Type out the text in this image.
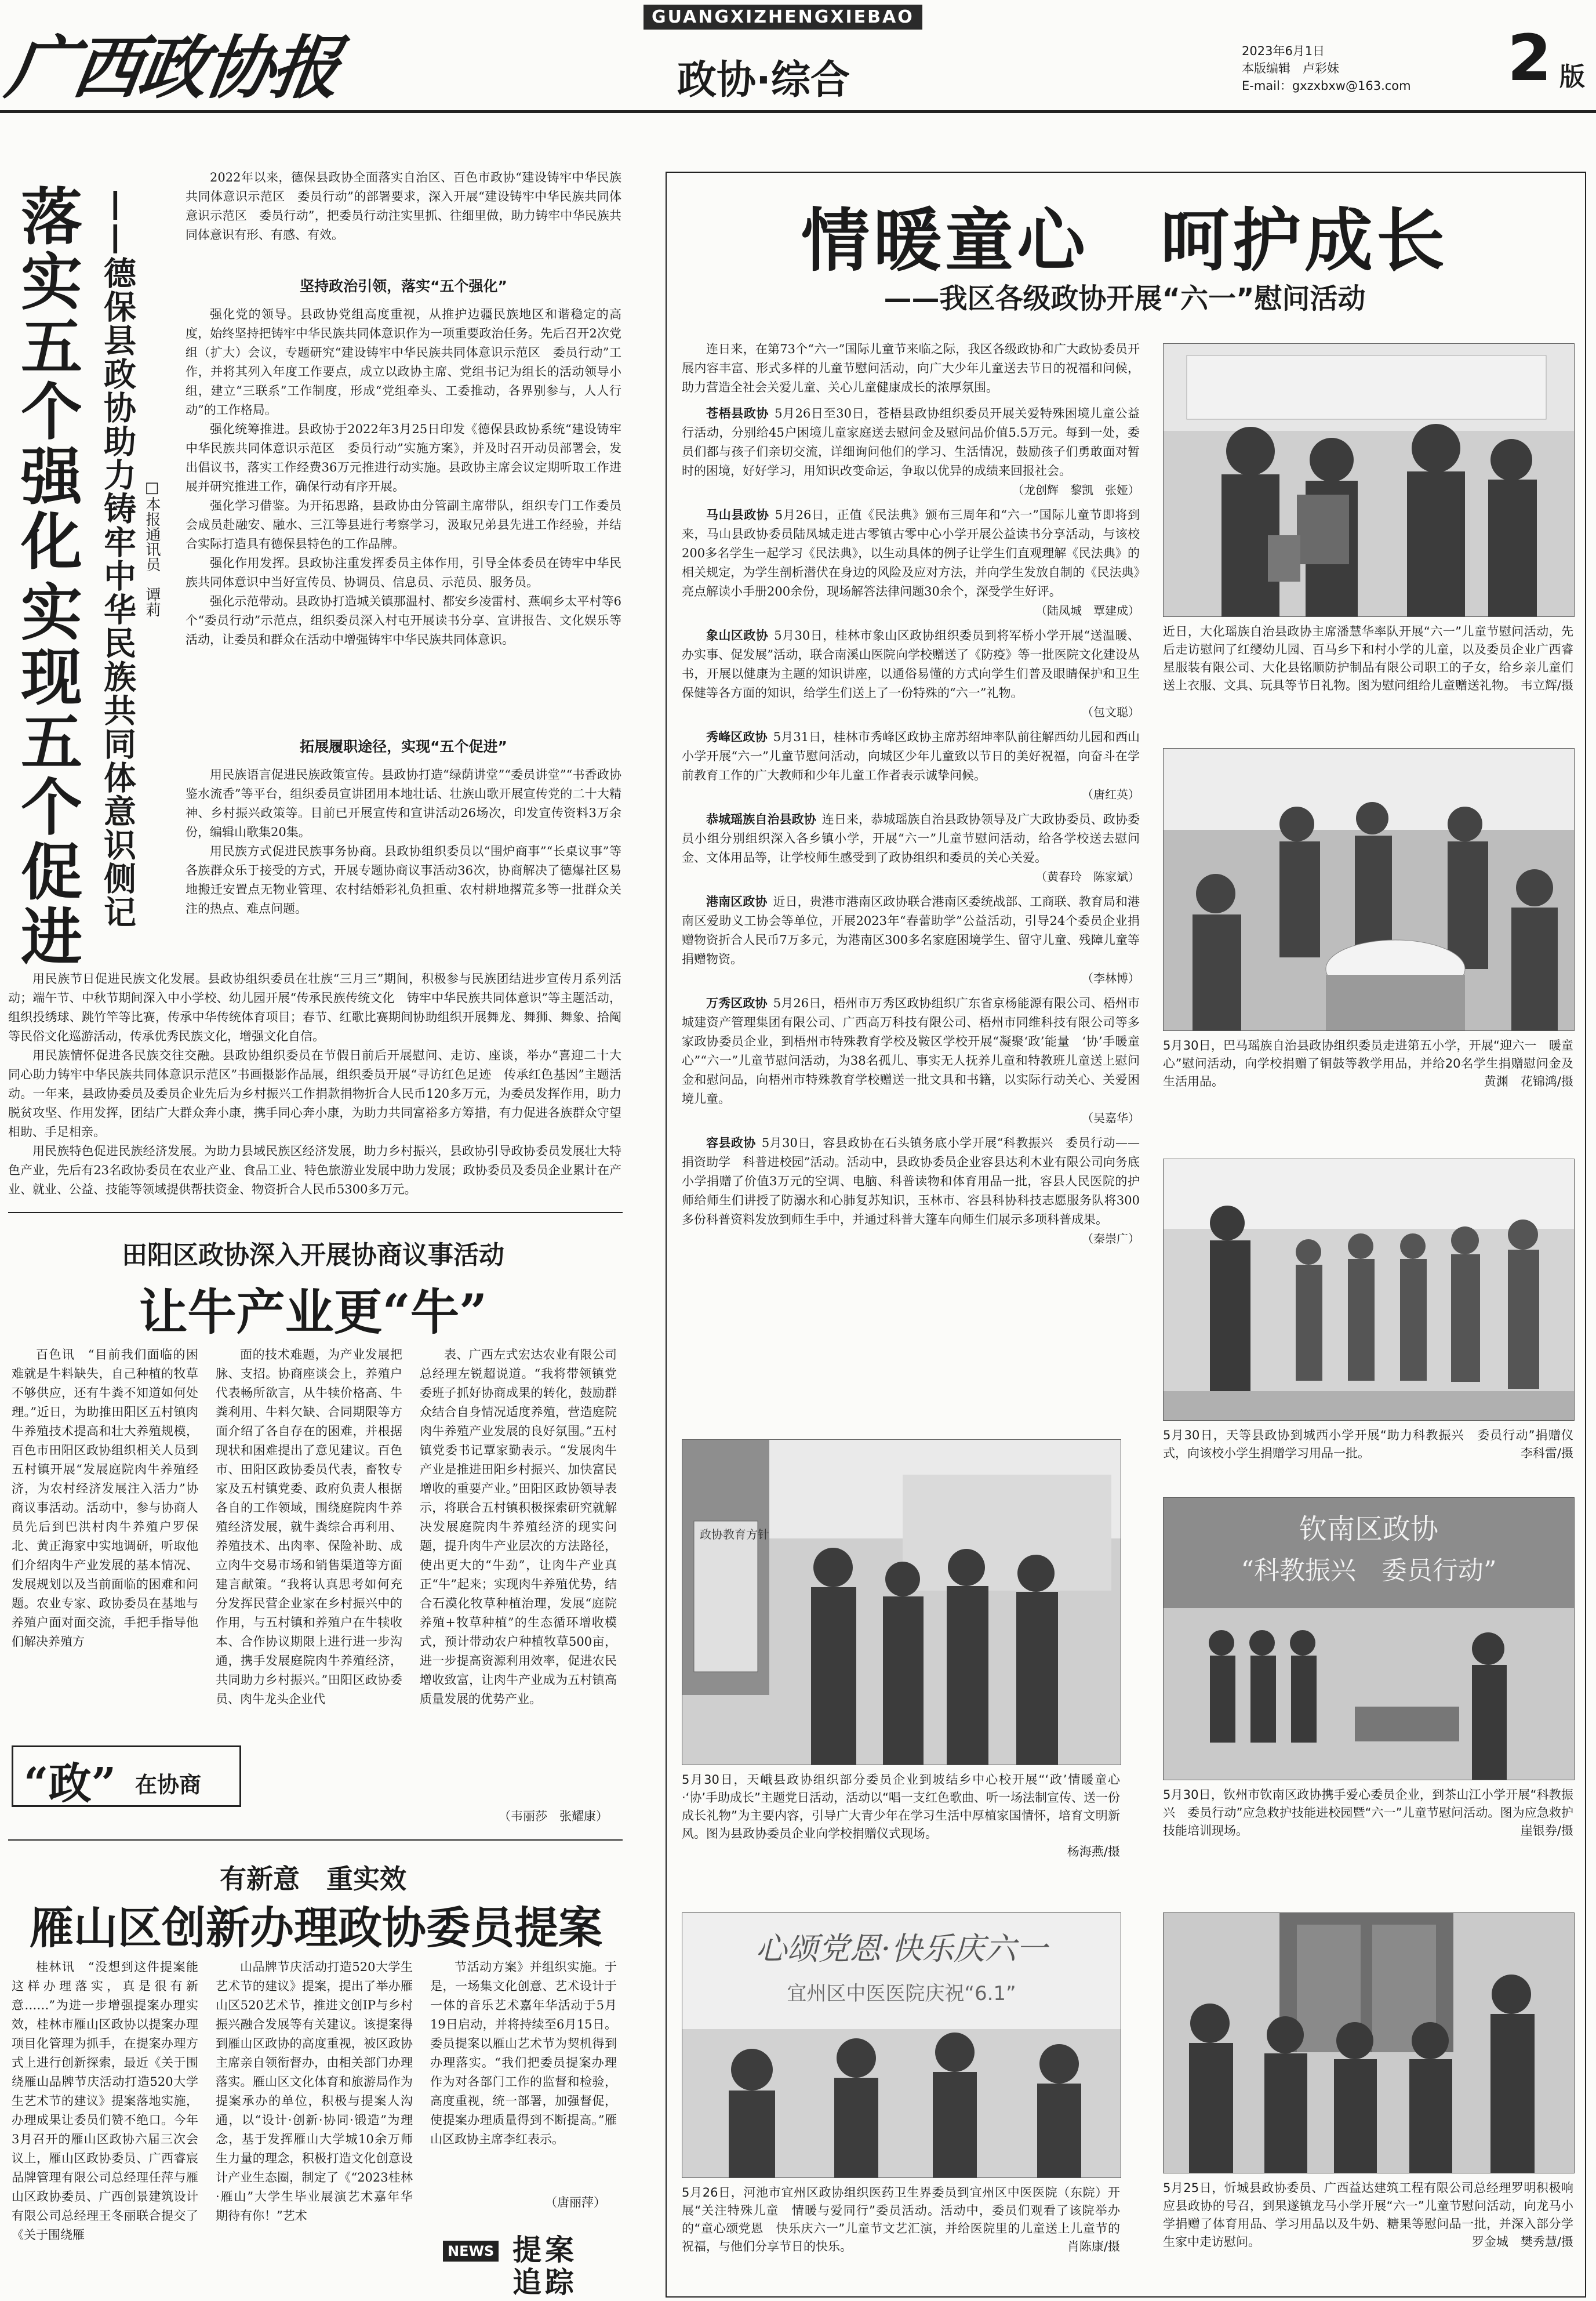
广西政协报
GUANGXIZHENGXIEBAO
政协·综合
2023年6月1日
本版编辑　卢彩妹
E-mail：gxzxbxw@163.com 2 版
落实五个强化
实现五个促进 ——德保县政协助力铸牢中华民族共同体意识侧记 □本报通讯员　谭莉

2022年以来，德保县政协全面落实自治区、百色市政协“建设铸牢中华民族共同体意识示范区　委员行动”的部署要求，深入开展“建设铸牢中华民族共同体意识示范区　委员行动”，把委员行动注实里抓、往细里做，助力铸牢中华民族共同体意识有形、有感、有效。

坚持政治引领，落实“五个强化”

强化党的领导。县政协党组高度重视，从推护边疆民族地区和谐稳定的高度，始终坚持把铸牢中华民族共同体意识作为一项重要政治任务。先后召开2次党组（扩大）会议，专题研究“建设铸牢中华民族共同体意识示范区　委员行动”工作，并将其列入年度工作要点，成立以政协主席、党组书记为组长的活动领导小组，建立“三联系”工作制度，形成“党组牵头、工委推动，各界别参与，人人行动”的工作格局。

强化统筹推进。县政协于2022年3月25日印发《德保县政协系统“建设铸牢中华民族共同体意识示范区　委员行动”实施方案》，并及时召开动员部署会，发出倡议书，落实工作经费36万元推进行动实施。县政协主席会议定期听取工作进展并研究推进工作，确保行动有序开展。

强化学习借鉴。为开拓思路，县政协由分管副主席带队，组织专门工作委员会成员赴融安、融水、三江等县进行考察学习，汲取兄弟县先进工作经验，并结合实际打造具有德保县特色的工作品牌。

强化作用发挥。县政协注重发挥委员主体作用，引导全体委员在铸牢中华民族共同体意识中当好宣传员、协调员、信息员、示范员、服务员。

强化示范带动。县政协打造城关镇那温村、都安乡凌雷村、燕峒乡太平村等6个“委员行动”示范点，组织委员深入村屯开展读书分享、宣讲报告、文化娱乐等活动，让委员和群众在活动中增强铸牢中华民族共同体意识。

拓展履职途径，实现“五个促进”

用民族语言促进民族政策宣传。县政协打造“绿荫讲堂”“委员讲堂”“书香政协　鉴水流香”等平台，组织委员宣讲团用本地壮话、壮族山歌开展宣传党的二十大精神、乡村振兴政策等。目前已开展宣传和宣讲活动26场次，印发宣传资料3万余份，编辑山歌集20集。

用民族方式促进民族事务协商。县政协组织委员以“围炉商事”“长桌议事”等各族群众乐于接受的方式，开展专题协商议事活动36次，协商解决了德爆社区易地搬迁安置点无物业管理、农村结婚彩礼负担重、农村耕地撂荒多等一批群众关注的热点、难点问题。

用民族节日促进民族文化发展。县政协组织委员在壮族“三月三”期间，积极参与民族团结进步宣传月系列活动；端午节、中秋节期间深入中小学校、幼儿园开展“传承民族传统文化　铸牢中华民族共同体意识”等主题活动，组织投绣球、跳竹竿等比赛，传承中华传统体育项目；春节、红歌比赛期间协助组织开展舞龙、舞狮、舞象、拾阄等民俗文化巡游活动，传承优秀民族文化，增强文化自信。

用民族情怀促进各民族交往交融。县政协组织委员在节假日前后开展慰问、走访、座谈，举办“喜迎二十大　同心助力铸牢中华民族共同体意识示范区”书画摄影作品展，组织委员开展“寻访红色足迹　传承红色基因”主题活动。一年来，县政协委员及委员企业先后为乡村振兴工作捐款捐物折合人民币120多万元，为委员发挥作用，助力脱贫攻坚、作用发挥，团结广大群众奔小康，携手同心奔小康，为助力共同富裕多方筹措，有力促进各族群众守望相助、手足相亲。

用民族特色促进民族经济发展。为助力县域民族区经济发展，助力乡村振兴，县政协引导政协委员发展壮大特色产业，先后有23名政协委员在农业产业、食品工业、特色旅游业发展中助力发展；政协委员及委员企业累计在产业、就业、公益、技能等领域提供帮扶资金、物资折合人民币5300多万元。

田阳区政协深入开展协商议事活动
让牛产业更“牛”

百色讯　“目前我们面临的困难就是牛料缺失，自己种植的牧草不够供应，还有牛粪不知道如何处理。”近日，为助推田阳区五村镇肉牛养殖技术提高和壮大养殖规模，百色市田阳区政协组织相关人员到五村镇开展“发展庭院肉牛养殖经济，为农村经济发展注入活力”协商议事活动。活动中，参与协商人员先后到巴洪村肉牛养殖户罗保北、黄正海家中实地调研，听取他们介绍肉牛产业发展的基本情况、发展规划以及当前面临的困难和问题。农业专家、政协委员在基地与养殖户面对面交流，手把手指导他们解决养殖方

面的技术难题，为产业发展把脉、支招。协商座谈会上，养殖户代表畅所欲言，从牛犊价格高、牛粪利用、牛料欠缺、合同期限等方面介绍了各自存在的困难，并根据现状和困难提出了意见建议。百色市、田阳区政协委员代表，畜牧专家及五村镇党委、政府负责人根据各自的工作领域，围绕庭院肉牛养殖经济发展，就牛粪综合再利用、养殖技术、出肉率、保险补助、成立肉牛交易市场和销售渠道等方面建言献策。“我将认真思考如何充分发挥民营企业家在乡村振兴中的作用，与五村镇和养殖户在牛犊收本、合作协议期限上进行进一步沟通，携手发展庭院肉牛养殖经济，共同助力乡村振兴。”田阳区政协委员、肉牛龙头企业代

表、广西左式宏达农业有限公司总经理左锐超说道。“我将带领镇党委班子抓好协商成果的转化，鼓励群众结合自身情况适度养殖，营造庭院肉牛养殖产业发展的良好氛围。”五村镇党委书记覃家勤表示。“发展肉牛产业是推进田阳乡村振兴、加快富民增收的重要产业。”田阳区政协领导表示，将联合五村镇积极探索研究就解决发展庭院肉牛养殖经济的现实问题，提升肉牛产业层次的方法路径，使出更大的“牛劲”，让肉牛产业真正“牛”起来；实现肉牛养殖优势，结合石漠化牧草种植治理，发展“庭院养殖+牧草种植”的生态循环增收模式，预计带动农户种植牧草500亩，进一步提高资源利用效率，促进农民增收致富，让肉牛产业成为五村镇高质量发展的优势产业。

（韦丽莎　张耀康）
“政” 在协商
有新意　重实效
雁山区创新办理政协委员提案

桂林讯　“没想到这件提案能这样办理落实，真是很有新意……”为进一步增强提案办理实效，桂林市雁山区政协以提案办理项目化管理为抓手，在提案办理方式上进行创新探索，最近《关于围绕雁山品牌节庆活动打造520大学生艺术节的建议》提案落地实施，办理成果让委员们赞不绝口。今年3月召开的雁山区政协六届三次会议上，雁山区政协委员、广西睿宸品牌管理有限公司总经理任萍与雁山区政协委员、广西创景建筑设计有限公司总经理王冬丽联合提交了《关于围绕雁

山品牌节庆活动打造520大学生艺术节的建议》提案，提出了举办雁山区520艺术节，推进文创IP与乡村振兴融合发展等有关建议。该提案得到雁山区政协的高度重视，被区政协主席亲自领衔督办，由相关部门办理落实。雁山区文化体育和旅游局作为提案承办的单位，积极与提案人沟通，以“设计·创新·协同·锻造”为理念，基于发挥雁山大学城10余万师生力量的理念，积极打造文化创意设计产业生态圈，制定了《“2023桂林·雁山”大学生毕业展演艺术嘉年华　期待有你！”艺术

节活动方案》并组织实施。于是，一场集文化创意、艺术设计于一体的音乐艺术嘉年华活动于5月19日启动，并将持续至6月15日。委员提案以雁山艺术节为契机得到办理落实。“我们把委员提案办理作为对各部门工作的监督和检验，高度重视，统一部署，加强督促，使提案办理质量得到不断提高。”雁山区政协主席李红表示。

（唐丽萍）
NEWS 提案
追踪
情暖童心　呵护成长
——我区各级政协开展“六一”慰问活动

连日来，在第73个“六一”国际儿童节来临之际，我区各级政协和广大政协委员开展内容丰富、形式多样的儿童节慰问活动，向广大少年儿童送去节日的祝福和问候，助力营造全社会关爱儿童、关心儿童健康成长的浓厚氛围。

苍梧县政协 5月26日至30日，苍梧县政协组织委员开展关爱特殊困境儿童公益行活动，分别给45户困境儿童家庭送去慰问金及慰问品价值5.5万元。每到一处，委员们都与孩子们亲切交流，详细询问他们的学习、生活情况，鼓励孩子们勇敢面对暂时的困境，好好学习，用知识改变命运，争取以优异的成绩来回报社会。

（龙创辉　黎凯　张娅）

马山县政协 5月26日，正值《民法典》颁布三周年和“六一”国际儿童节即将到来，马山县政协委员陆凤城走进古零镇古零中心小学开展公益读书分享活动，与该校200多名学生一起学习《民法典》，以生动具体的例子让学生们直观理解《民法典》的相关规定，为学生剖析潜伏在身边的风险及应对方法，并向学生发放自制的《民法典》亮点解读小手册200余份，现场解答法律问题30余个，深受学生好评。

（陆凤城　覃建成）

象山区政协 5月30日，桂林市象山区政协组织委员到将军桥小学开展“送温暖、办实事、促发展”活动，联合南溪山医院向学校赠送了《防疫》等一批医院文化建设丛书，开展以健康为主题的知识讲座，以通俗易懂的方式向学生们普及眼睛保护和卫生保健等各方面的知识，给学生们送上了一份特殊的“六一”礼物。

（包文聪）

秀峰区政协 5月31日，桂林市秀峰区政协主席苏绍坤率队前往解西幼儿园和西山小学开展“六一”儿童节慰问活动，向城区少年儿童致以节日的美好祝福，向奋斗在学前教育工作的广大教师和少年儿童工作者表示诚挚问候。

（唐红英）

恭城瑶族自治县政协 连日来，恭城瑶族自治县政协领导及广大政协委员、政协委员小组分别组织深入各乡镇小学，开展“六一”儿童节慰问活动，给各学校送去慰问金、文体用品等，让学校师生感受到了政协组织和委员的关心关爱。

（黄春玲　陈家斌）

港南区政协 近日，贵港市港南区政协联合港南区委统战部、工商联、教育局和港南区爱助义工协会等单位，开展2023年“春蕾助学”公益活动，引导24个委员企业捐赠物资折合人民币7万多元，为港南区300多名家庭困境学生、留守儿童、残障儿童等捐赠物资。

（李林博）

万秀区政协 5月26日，梧州市万秀区政协组织广东省京杨能源有限公司、梧州市城建资产管理集团有限公司、广西高万科技有限公司、梧州市同维科技有限公司等多家政协委员企业，到梧州市特殊教育学校及鞍区学校开展“凝聚‘政’能量　‘协’手暖童心”“六一”儿童节慰问活动，为38名孤儿、事实无人抚养儿童和特教班儿童送上慰问金和慰问品，向梧州市特殊教育学校赠送一批文具和书籍，以实际行动关心、关爱困境儿童。

（吴嘉华）

容县政协 5月30日，容县政协在石头镇务底小学开展“科教振兴　委员行动——捐资助学　科普进校园”活动。活动中，县政协委员企业容县达利木业有限公司向务底小学捐赠了价值3万元的空调、电脑、科普读物和体育用品一批，容县人民医院的护师给师生们讲授了防溺水和心肺复苏知识，玉林市、容县科协科技志愿服务队将300多份科普资料发放到师生手中，并通过科普大篷车向师生们展示多项科普成果。

（秦崇广）
近日，大化瑶族自治县政协主席潘慧华率队开展“六一”儿童节慰问活动，先后走访慰问了红缨幼儿园、百马乡下和村小学的儿童，以及委员企业广西睿星服装有限公司、大化县铭顺防护制品有限公司职工的子女，给乡亲儿童们送上衣服、文具、玩具等节日礼物。图为慰问组给儿童赠送礼物。 韦立辉/摄
5月30日，巴马瑶族自治县政协组织委员走进第五小学，开展“迎六一　暖童心”慰问活动，向学校捐赠了铜鼓等教学用品，并给20名学生捐赠慰问金及生活用品。	黄渊　花锦鸿/摄
5月30日，天等县政协到城西小学开展“助力科教振兴　委员行动”捐赠仪式，向该校小学生捐赠学习用品一批。	李科雷/摄
政协教育方针
5月30日，天峨县政协组织部分委员企业到坡结乡中心校开展“‘政’情暖童心·‘协’手助成长”主题党日活动，活动以“唱一支红色歌曲、听一场法制宣传、送一份成长礼物”为主要内容，引导广大青少年在学习生活中厚植家国情怀，培育文明新风。图为县政协委员企业向学校捐赠仪式现场。
杨海燕/摄
钦南区政协
“科教振兴　委员行动”
5月30日，钦州市钦南区政协携手爱心委员企业，到茶山江小学开展“科教振兴　委员行动”应急救护技能进校园暨“六一”儿童节慰问活动。图为应急救护技能培训现场。	崖银券/摄
心颂党恩·快乐庆六一
宜州区中医医院庆祝“6.1”
5月26日，河池市宜州区政协组织医药卫生界委员到宜州区中医医院（东院）开展“关注特殊儿童　情暖与爱同行”委员活动。活动中，委员们观看了该院举办的“童心颂党恩　快乐庆六一”儿童节文艺汇演，并给医院里的儿童送上儿童节的祝福，与他们分享节日的快乐。	肖陈康/摄
5月25日，忻城县政协委员、广西益达建筑工程有限公司总经理罗明积极响应县政协的号召，到果遂镇龙马小学开展“六一”儿童节慰问活动，向龙马小学捐赠了体育用品、学习用品以及牛奶、糖果等慰问品一批，并深入部分学生家中走访慰问。	罗金城　樊秀慧/摄
